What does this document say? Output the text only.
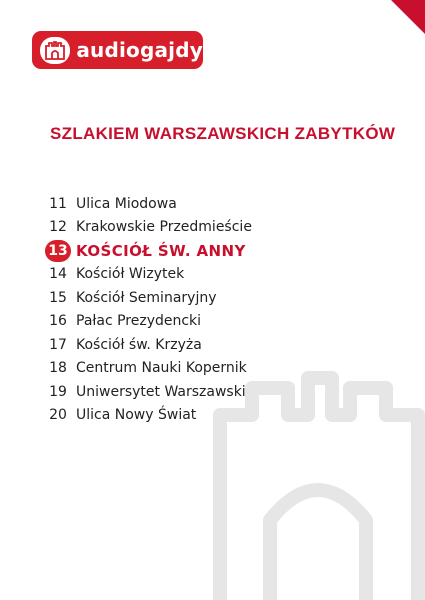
audiogajdy
SZLAKIEM WARSZAWSKICH ZABYTKÓW
11 Ulica Miodowa
12 Krakowskie Przedmieście
13 KOŚCIÓŁ ŚW. ANNY
14 Kościół Wizytek
15 Kościół Seminaryjny
16 Pałac Prezydencki
17 Kościół św. Krzyża
18 Centrum Nauki Kopernik
19 Uniwersytet Warszawski
20 Ulica Nowy Świat
